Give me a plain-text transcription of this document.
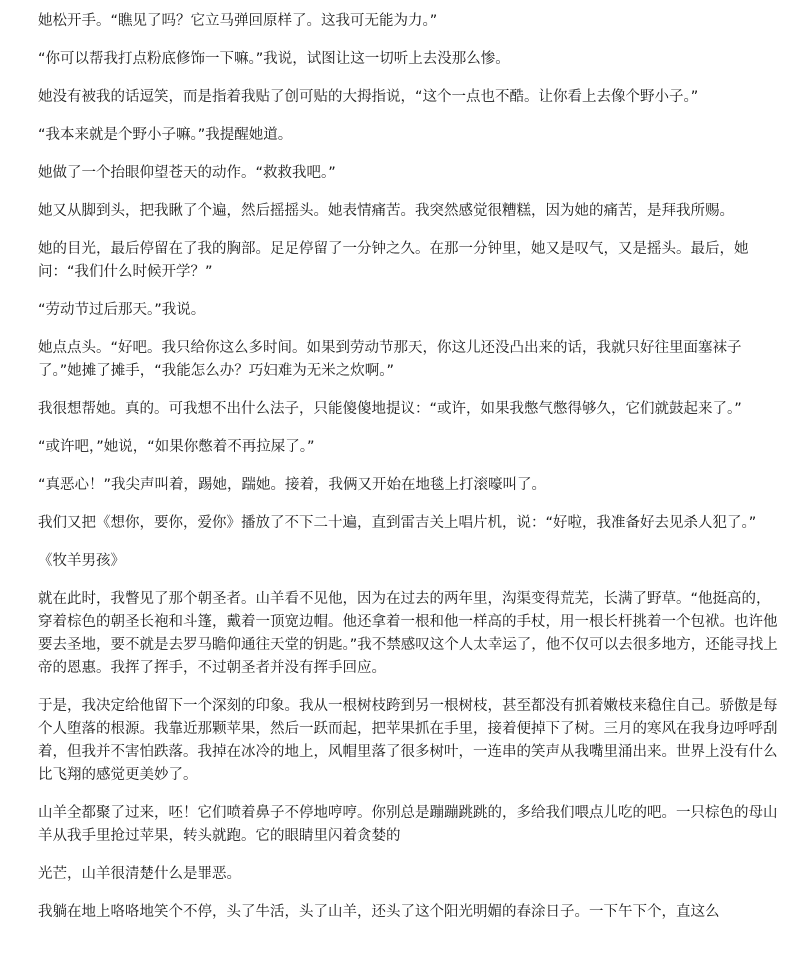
她松开手。“瞧见了吗？它立马弹回原样了。这我可无能为力。”

“你可以帮我打点粉底修饰一下嘛。”我说，试图让这一切听上去没那么惨。

她没有被我的话逗笑，而是指着我贴了创可贴的大拇指说，“这个一点也不酷。让你看上去像个野小子。”

“我本来就是个野小子嘛。”我提醒她道。

她做了一个抬眼仰望苍天的动作。“救救我吧。”

她又从脚到头，把我瞅了个遍，然后摇摇头。她表情痛苦。我突然感觉很糟糕，因为她的痛苦，是拜我所赐。

她的目光，最后停留在了我的胸部。足足停留了一分钟之久。在那一分钟里，她又是叹气，又是摇头。最后，她问：“我们什么时候开学？”

“劳动节过后那天。”我说。

她点点头。“好吧。我只给你这么多时间。如果到劳动节那天，你这儿还没凸出来的话，我就只好往里面塞袜子了。”她摊了摊手，“我能怎么办？巧妇难为无米之炊啊。”

我很想帮她。真的。可我想不出什么法子，只能傻傻地提议：“或许，如果我憋气憋得够久，它们就鼓起来了。”

“或许吧，”她说，“如果你憋着不再拉屎了。”

“真恶心！”我尖声叫着，踢她，踹她。接着，我俩又开始在地毯上打滚嚎叫了。

我们又把《想你，要你，爱你》播放了不下二十遍，直到雷吉关上唱片机，说：“好啦，我准备好去见杀人犯了。”

《牧羊男孩》

就在此时，我瞥见了那个朝圣者。山羊看不见他，因为在过去的两年里，沟渠变得荒芜，长满了野草。“他挺高的，穿着棕色的朝圣长袍和斗篷，戴着一顶宽边帽。他还拿着一根和他一样高的手杖，用一根长杆挑着一个包袱。也许他要去圣地，要不就是去罗马瞻仰通往天堂的钥匙。”我不禁感叹这个人太幸运了，他不仅可以去很多地方，还能寻找上帝的恩惠。我挥了挥手，不过朝圣者并没有挥手回应。

于是，我决定给他留下一个深刻的印象。我从一根树枝跨到另一根树枝，甚至都没有抓着嫩枝来稳住自己。骄傲是每个人堕落的根源。我靠近那颗苹果，然后一跃而起，把苹果抓在手里，接着便掉下了树。三月的寒风在我身边呼呼刮着，但我并不害怕跌落。我掉在冰冷的地上，风帽里落了很多树叶，一连串的笑声从我嘴里涌出来。世界上没有什么比飞翔的感觉更美妙了。

山羊全都聚了过来，呸！它们喷着鼻子不停地哼哼。你别总是蹦蹦跳跳的，多给我们喂点儿吃的吧。一只棕色的母山羊从我手里抢过苹果，转头就跑。它的眼睛里闪着贪婪的

光芒，山羊很清楚什么是罪恶。

我躺在地上咯咯地笑个不停，头了牛活，头了山羊，还头了这个阳光明媚的春涂日子。一下午下个，直这么
